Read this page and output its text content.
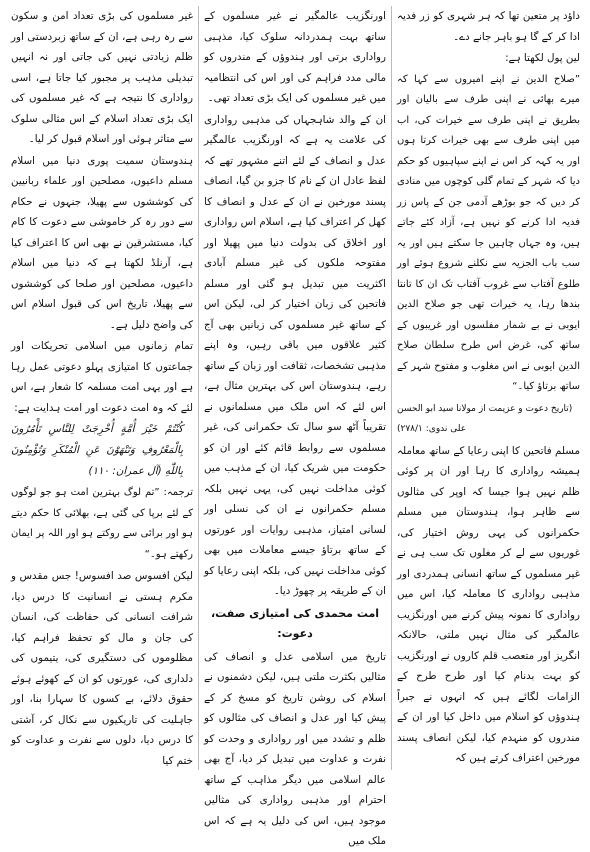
داؤد پر متعین تھا کہ ہر شہری کو زر فدیہ ادا کر کے گا ہو باہر جانے دے۔

لین پول لکھتا ہے:

”صلاح الدین نے اپنے امیروں سے کہا کہ میرے بھائی نے اپنی طرف سے بالیان اور بطریق نے اپنی طرف سے خیرات کی، اب میں اپنی طرف سے بھی خیرات کرتا ہوں اور یہ کہہ کر اس نے اپنے سپاہیوں کو حکم دیا کہ شہر کے تمام گلی کوچوں میں منادی کر دیں کہ جو بوڑھے آدمی جن کے پاس زر فدیہ ادا کرنے کو نہیں ہے، آزاد کئے جاتے ہیں، وہ جہاں چاہیں جا سکتے ہیں اور یہ سب باب الجزیہ سے نکلنے شروع ہوئے اور طلوع آفتاب سے غروب آفتاب تک ان کا تانتا بندھا رہا، یہ خیرات تھی جو صلاح الدین ایوبی نے بے شمار مفلسوں اور غریبوں کے ساتھ کی، غرض اس طرح سلطان صلاح الدین ایوبی نے اس مغلوب و مفتوح شہر کے ساتھ برتاؤ کیا۔“

(تاریخ دعوت و عزیمت از مولانا سید ابو الحسن علی ندوی: ۲۷۸/۱)

مسلم فاتحین کا اپنی رعایا کے ساتھ معاملہ ہمیشہ رواداری کا رہا اور ان پر کوئی ظلم نہیں ہوا جیسا کہ اوپر کی مثالوں سے ظاہر ہوا، ہندوستان میں مسلم حکمرانوں کی یہی روش اختیار کی، غوریوں سے لے کر مغلوں تک سب ہی نے غیر مسلموں کے ساتھ انسانی ہمدردی اور مذہبی رواداری کا معاملہ کیا، اس میں رواداری کا نمونہ پیش کرنے میں اورنگزیب عالمگیر کی مثال نہیں ملتی، حالانکہ انگریز اور متعصب قلم کاروں نے اورنگزیب کو بہت بدنام کیا اور طرح طرح کے الزامات لگائے ہیں کہ انہوں نے جبراً ہندوؤں کو اسلام میں داخل کیا اور ان کے مندروں کو منہدم کیا، لیکن انصاف پسند مورخین اعتراف کرتے ہیں کہ

اورنگزیب عالمگیر نے غیر مسلموں کے ساتھ بہت ہمدردانہ سلوک کیا، مذہبی رواداری برتی اور ہندوؤں کے مندروں کو مالی مدد فراہم کی اور اس کی انتظامیہ میں غیر مسلموں کی ایک بڑی تعداد تھی۔

ان کے والد شاہجہاں کی مذہبی رواداری کی علامت یہ ہے کہ اورنگزیب عالمگیر عدل و انصاف کے لئے اتنے مشہور تھے کہ لفظ عادل ان کے نام کا جزو بن گیا، انصاف پسند مورخین نے ان کے عدل و انصاف کا کھل کر اعتراف کیا ہے، اسلام اس رواداری اور اخلاق کی بدولت دنیا میں پھیلا اور مفتوحہ ملکوں کی غیر مسلم آبادی اکثریت میں تبدیل ہو گئی اور مسلم فاتحین کی زبان اختیار کر لی، لیکن اس کے ساتھ غیر مسلموں کی زبانیں بھی آج کثیر علاقوں میں باقی رہیں، وہ اپنے مذہبی تشخصات، ثقافت اور زبان کے ساتھ رہے، ہندوستان اس کی بہترین مثال ہے، اس لئے کہ اس ملک میں مسلمانوں نے تقریباً آٹھ سو سال تک حکمرانی کی، غیر مسلموں سے روابط قائم کئے اور ان کو حکومت میں شریک کیا، ان کے مذہب میں کوئی مداخلت نہیں کی، یہی نہیں بلکہ مسلم حکمرانوں نے ان کی نسلی اور لسانی امتیاز، مذہبی روایات اور عورتوں کے ساتھ برتاؤ جیسے معاملات میں بھی کوئی مداخلت نہیں کی، بلکہ اپنی رعایا کو ان کے طریقہ پر چھوڑ دیا۔

امت محمدی کی امتیازی صفت، دعوت:

تاریخ میں اسلامی عدل و انصاف کی مثالیں بکثرت ملتی ہیں، لیکن دشمنوں نے اسلام کی روشن تاریخ کو مسخ کر کے پیش کیا اور عدل و انصاف کی مثالوں کو ظلم و تشدد میں اور رواداری و وحدت کو نفرت و عداوت میں تبدیل کر دیا، آج بھی عالم اسلامی میں دیگر مذاہب کے ساتھ احترام اور مذہبی رواداری کی مثالیں موجود ہیں، اس کی دلیل یہ ہے کہ اس ملک میں

غیر مسلموں کی بڑی تعداد امن و سکون سے رہ رہی ہے، ان کے ساتھ زبردستی اور ظلم زیادتی نہیں کی جاتی اور نہ انہیں تبدیلی مذہب پر مجبور کیا جاتا ہے، اسی رواداری کا نتیجہ ہے کہ غیر مسلموں کی ایک بڑی تعداد اسلام کے اس مثالی سلوک سے متاثر ہوئی اور اسلام قبول کر لیا۔

ہندوستان سمیت پوری دنیا میں اسلام مسلم داعیوں، مصلحین اور علماء ربانیین کی کوششوں سے پھیلا، جنہوں نے حکام سے دور رہ کر خاموشی سے دعوت کا کام کیا، مستشرقین نے بھی اس کا اعتراف کیا ہے، آرنلڈ لکھتا ہے کہ دنیا میں اسلام داعیوں، مصلحین اور صلحا کی کوششوں سے پھیلا، تاریخ اس کی قبول اسلام اس کی واضح دلیل ہے۔

تمام زمانوں میں اسلامی تحریکات اور جماعتوں کا امتیازی پہلو دعوتی عمل رہا ہے اور یہی امت مسلمہ کا شعار ہے، اس لئے کہ وہ امت دعوت اور امت ہدایت ہے:

كُنْتُمْ خَيْرَ أُمَّةٍ أُخْرِجَتْ لِلنَّاسِ تَأْمُرُونَ بِالْمَعْرُوفِ وَتَنْهَوْنَ عَنِ الْمُنْكَرِ وَتُؤْمِنُونَ بِاللّٰهِ (آل عمران: ۱۱۰)

ترجمہ: ”تم لوگ بہترین امت ہو جو لوگوں کے لئے برپا کی گئی ہے، بھلائی کا حکم دیتے ہو اور برائی سے روکتے ہو اور اللہ پر ایمان رکھتے ہو۔“

لیکن افسوس صد افسوس! جس مقدس و مکرم ہستی نے انسانیت کا درس دیا، شرافت انسانی کی حفاظت کی، انسان کی جان و مال کو تحفظ فراہم کیا، مظلوموں کی دستگیری کی، یتیموں کی دلداری کی، عورتوں کو ان کے کھوئے ہوئے حقوق دلائے، بے کسوں کا سہارا بنا، اور جاہلیت کی تاریکیوں سے نکال کر، آشتی کا درس دیا، دلوں سے نفرت و عداوت کو ختم کیا
